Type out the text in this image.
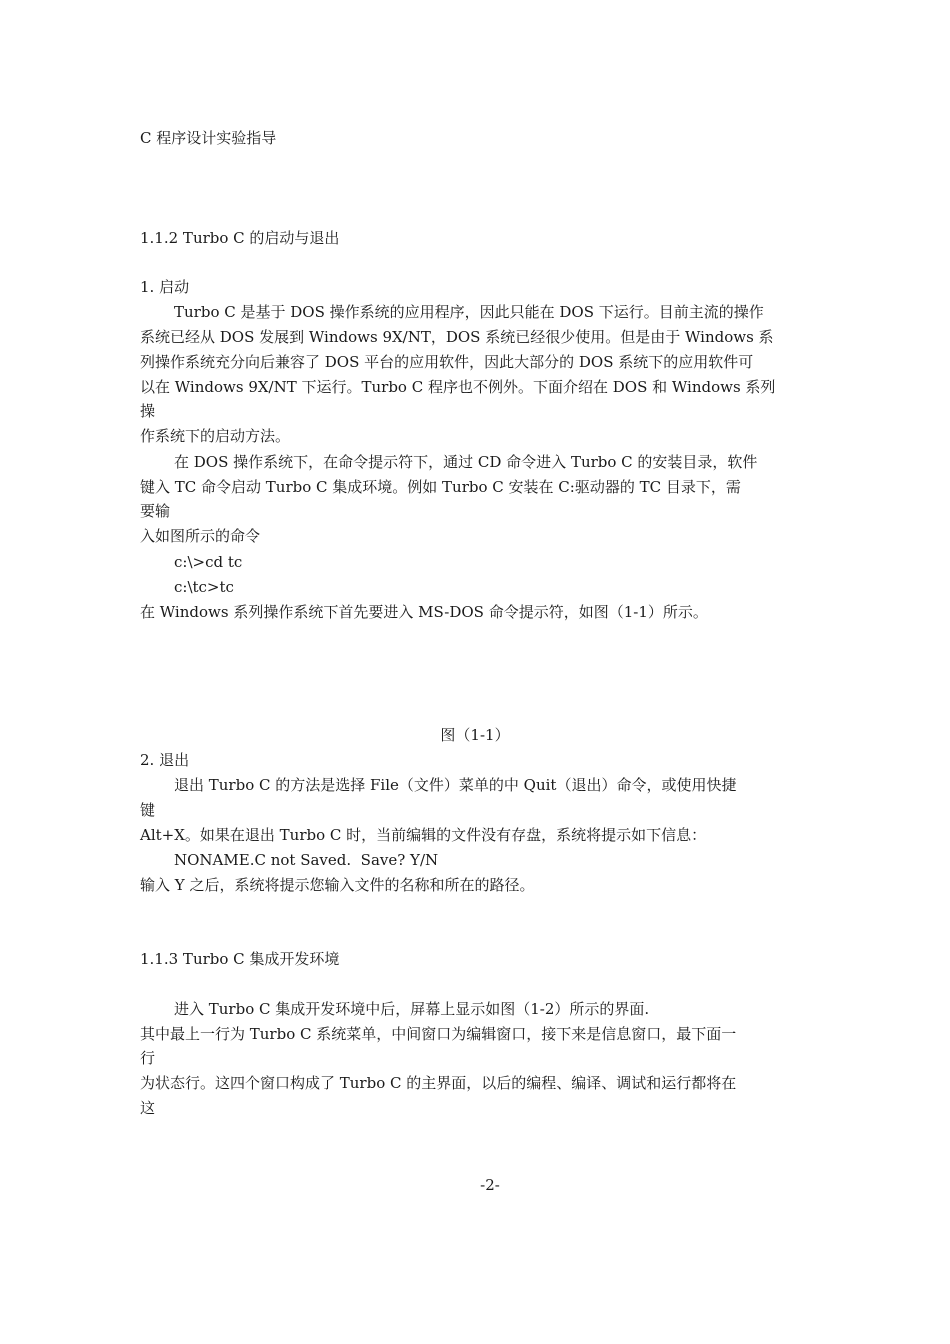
C 程序设计实验指导
1.1.2 Turbo C 的启动与退出
1. 启动
Turbo C 是基于 DOS 操作系统的应用程序，因此只能在 DOS 下运行。目前主流的操作
系统已经从 DOS 发展到 Windows 9X/NT，DOS 系统已经很少使用。但是由于 Windows 系
列操作系统充分向后兼容了 DOS 平台的应用软件，因此大部分的 DOS 系统下的应用软件可
以在 Windows 9X/NT 下运行。Turbo C 程序也不例外。下面介绍在 DOS 和 Windows 系列
操
作系统下的启动方法。
在 DOS 操作系统下，在命令提示符下，通过 CD 命令进入 Turbo C 的安装目录，软件
键入 TC 命令启动 Turbo C 集成环境。例如 Turbo C 安装在 C:驱动器的 TC 目录下，需
要输
入如图所示的命令
c:\>cd tc
c:\tc>tc
在 Windows 系列操作系统下首先要进入 MS-DOS 命令提示符，如图（1-1）所示。
图（1-1）
2. 退出
退出 Turbo C 的方法是选择 File（文件）菜单的中 Quit（退出）命令，或使用快捷
键
Alt+X。如果在退出 Turbo C 时，当前编辑的文件没有存盘，系统将提示如下信息：
NONAME.C not Saved.  Save? Y/N
输入 Y 之后，系统将提示您输入文件的名称和所在的路径。
1.1.3 Turbo C 集成开发环境
进入 Turbo C 集成开发环境中后，屏幕上显示如图（1-2）所示的界面.
其中最上一行为 Turbo C 系统菜单，中间窗口为编辑窗口，接下来是信息窗口，最下面一
行
为状态行。这四个窗口构成了 Turbo C 的主界面，以后的编程、编译、调试和运行都将在
这
-2-
